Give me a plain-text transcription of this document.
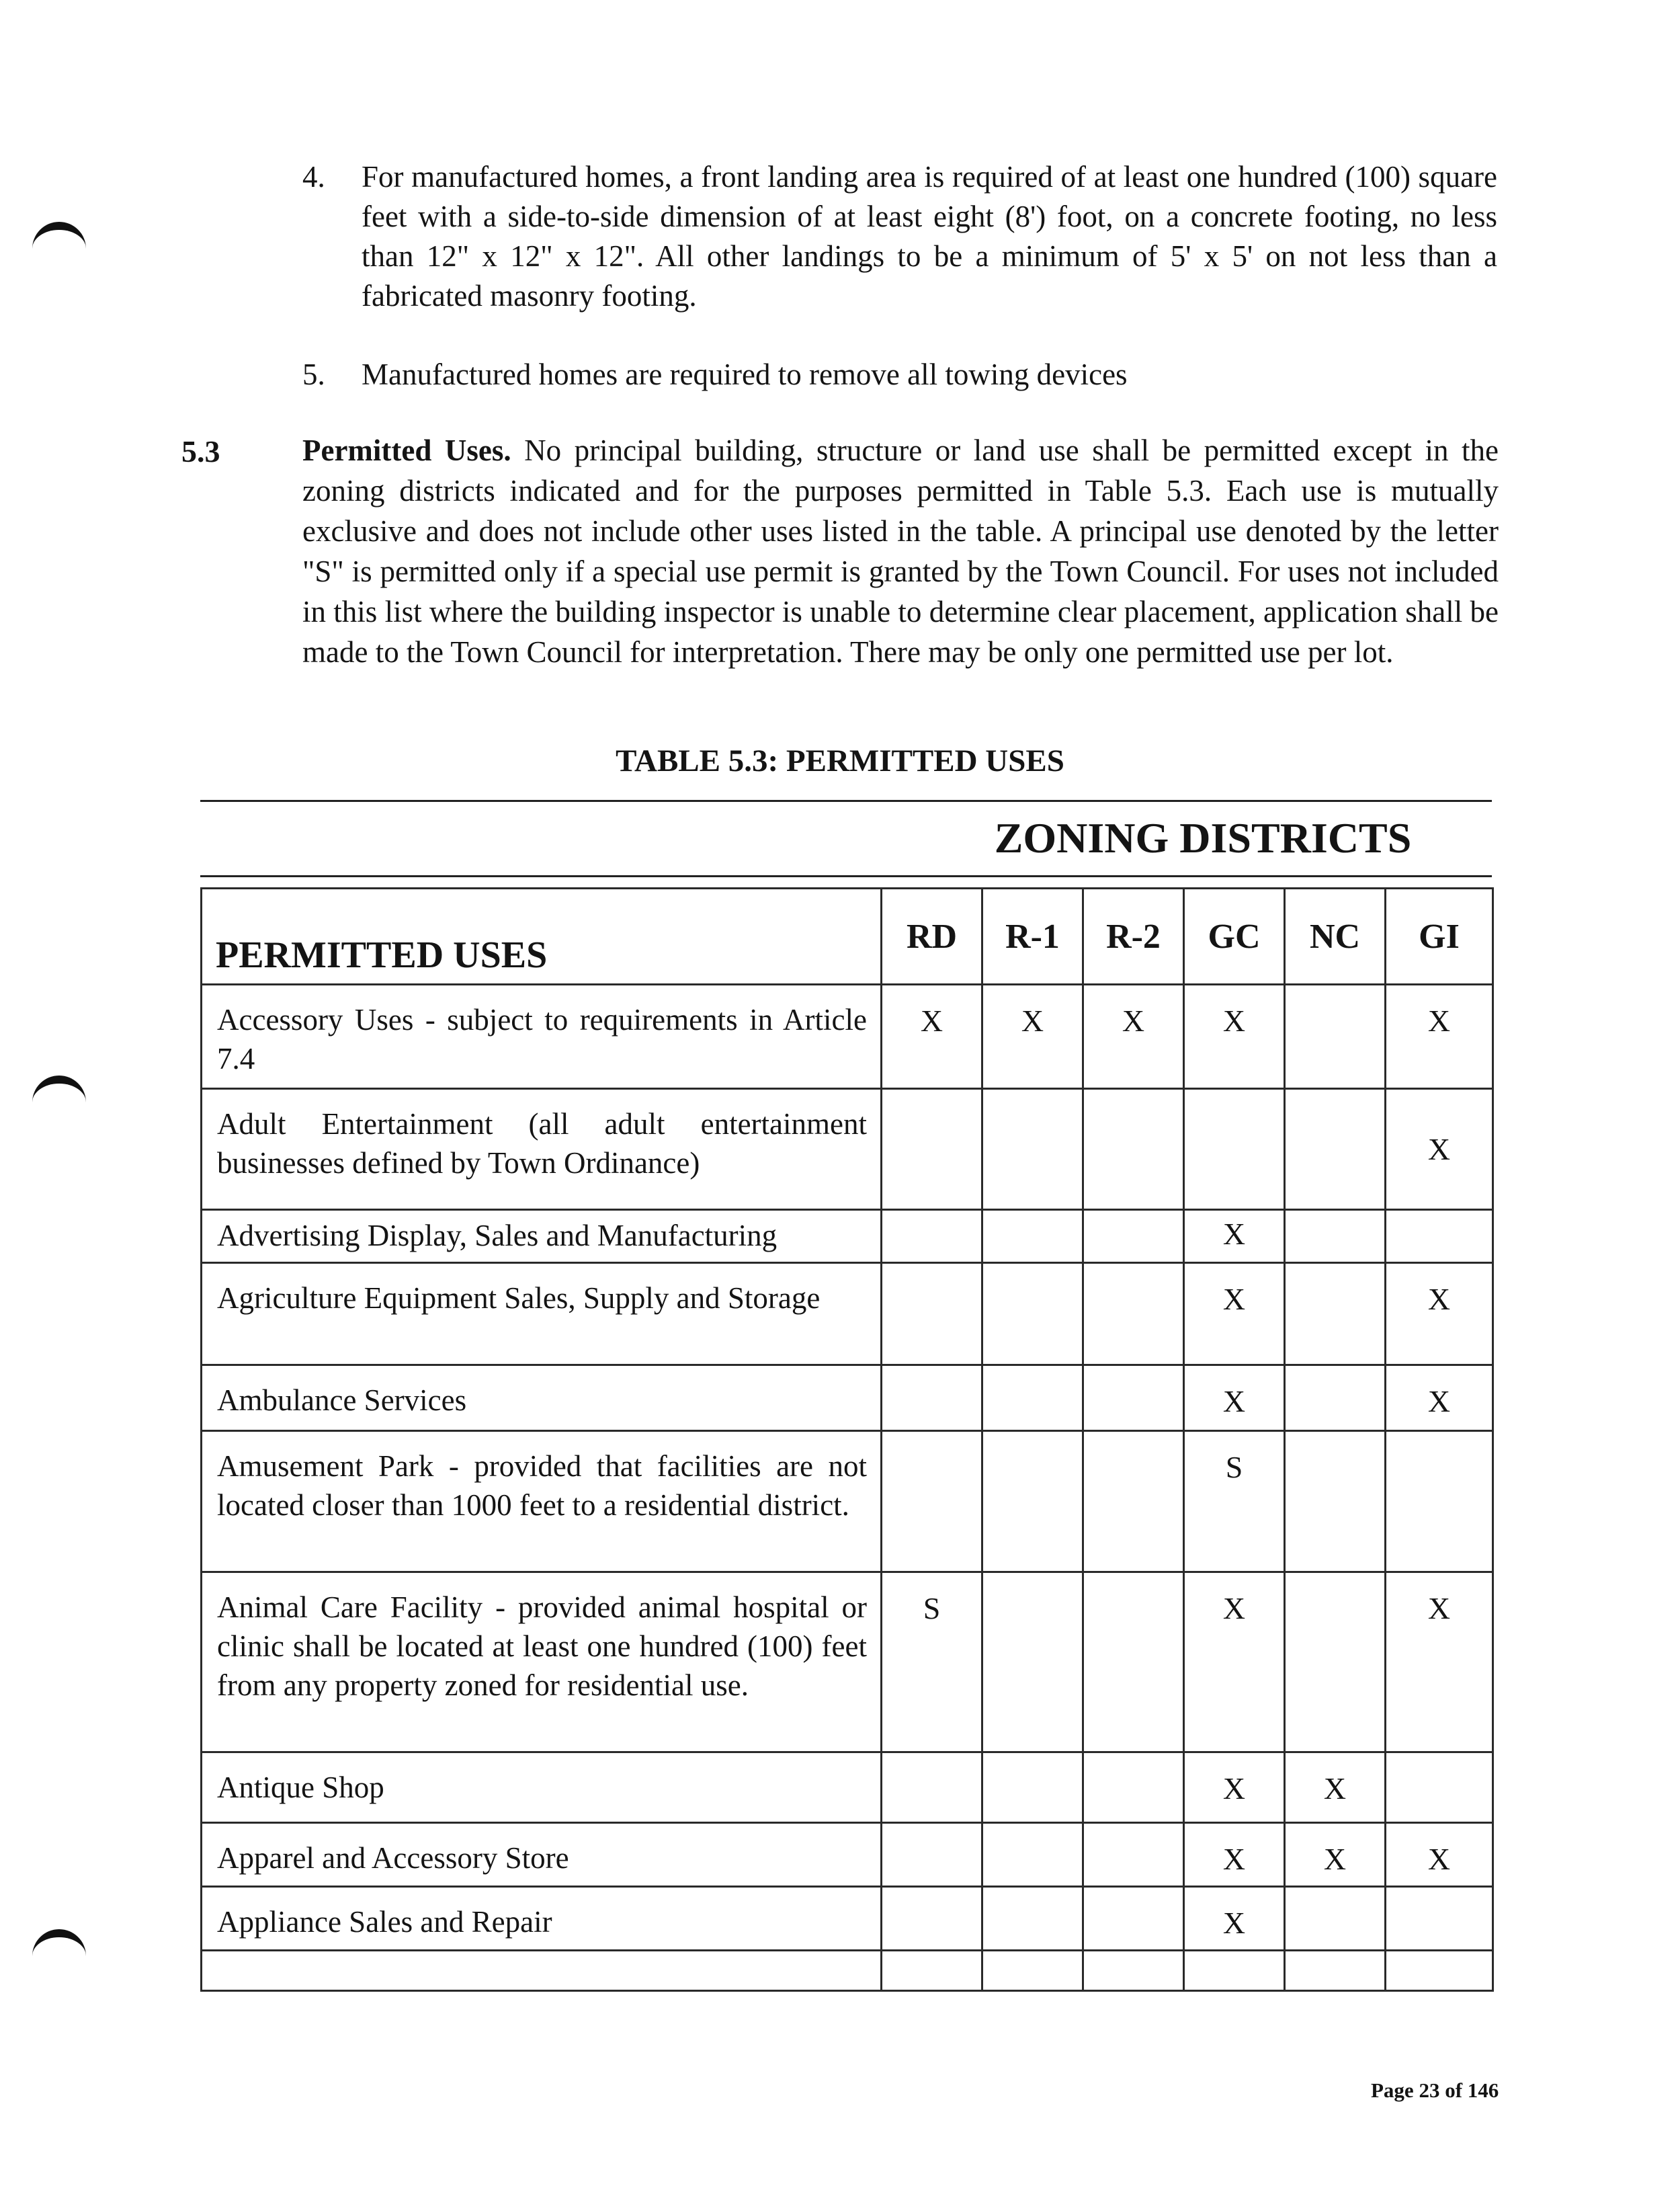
4. For manufactured homes, a front landing area is required of at least one hundred (100) square feet with a side-to-side dimension of at least eight (8') foot, on a concrete footing, no less than 12" x 12" x 12". All other landings to be a minimum of 5' x 5' on not less than a fabricated masonry footing.
5. Manufactured homes are required to remove all towing devices
5.3	Permitted Uses. No principal building, structure or land use shall be permitted except in the zoning districts indicated and for the purposes permitted in Table 5.3. Each use is mutually exclusive and does not include other uses listed in the table. A principal use denoted by the letter "S" is permitted only if a special use permit is granted by the Town Council. For uses not included in this list where the building inspector is unable to determine clear placement, application shall be made to the Town Council for interpretation. There may be only one permitted use per lot.
TABLE 5.3: PERMITTED USES
ZONING DISTRICTS
PERMITTED USES	RD	R-1	R-2	GC	NC	GI
Accessory Uses - subject to requirements in Article 7.4	X	X	X	X		X
Adult Entertainment (all adult entertainment businesses defined by Town Ordinance)						X
Advertising Display, Sales and Manufacturing				X		
Agriculture Equipment Sales, Supply and Storage				X		X
Ambulance Services				X		X
Amusement Park - provided that facilities are not located closer than 1000 feet to a residential district.				S		
Animal Care Facility - provided animal hospital or clinic shall be located at least one hundred (100) feet from any property zoned for residential use.	S			X		X
Antique Shop				X	X	
Apparel and Accessory Store				X	X	X
Appliance Sales and Repair				X		

Page 23 of 146
